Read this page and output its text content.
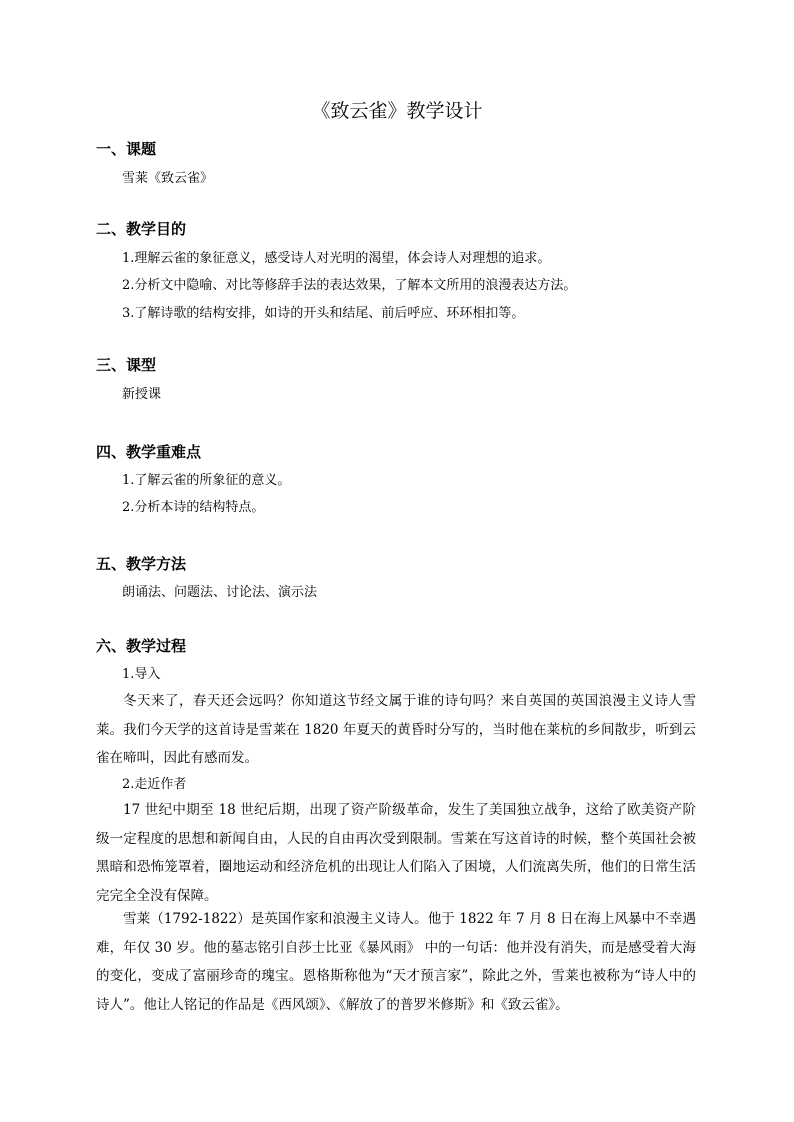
《致云雀》教学设计
一、课题

雪莱《致云雀》

二、教学目的

1.理解云雀的象征意义，感受诗人对光明的渴望，体会诗人对理想的追求。

2.分析文中隐喻、对比等修辞手法的表达效果，了解本文所用的浪漫表达方法。

3.了解诗歌的结构安排，如诗的开头和结尾、前后呼应、环环相扣等。

三、课型

新授课

四、教学重难点

1.了解云雀的所象征的意义。

2.分析本诗的结构特点。

五、教学方法

朗诵法、问题法、讨论法、演示法

六、教学过程

1.导入

冬天来了，春天还会远吗？你知道这节经文属于谁的诗句吗？来自英国的英国浪漫主义诗人雪莱。我们今天学的这首诗是雪莱在 1820 年夏天的黄昏时分写的，当时他在莱杭的乡间散步，听到云雀在啼叫，因此有感而发。

2.走近作者

17 世纪中期至 18 世纪后期，出现了资产阶级革命，发生了美国独立战争，这给了欧美资产阶级一定程度的思想和新闻自由，人民的自由再次受到限制。雪莱在写这首诗的时候，整个英国社会被黑暗和恐怖笼罩着，圈地运动和经济危机的出现让人们陷入了困境，人们流离失所，他们的日常生活完完全全没有保障。

雪莱（1792-1822）是英国作家和浪漫主义诗人。他于 1822 年 7 月 8 日在海上风暴中不幸遇难，年仅 30 岁。他的墓志铭引自莎士比亚《暴风雨》 中的一句话：他并没有消失，而是感受着大海的变化，变成了富丽珍奇的瑰宝。恩格斯称他为“天才预言家”，除此之外，雪莱也被称为“诗人中的诗人”。他让人铭记的作品是《西风颂》、《解放了的普罗米修斯》和《致云雀》。
